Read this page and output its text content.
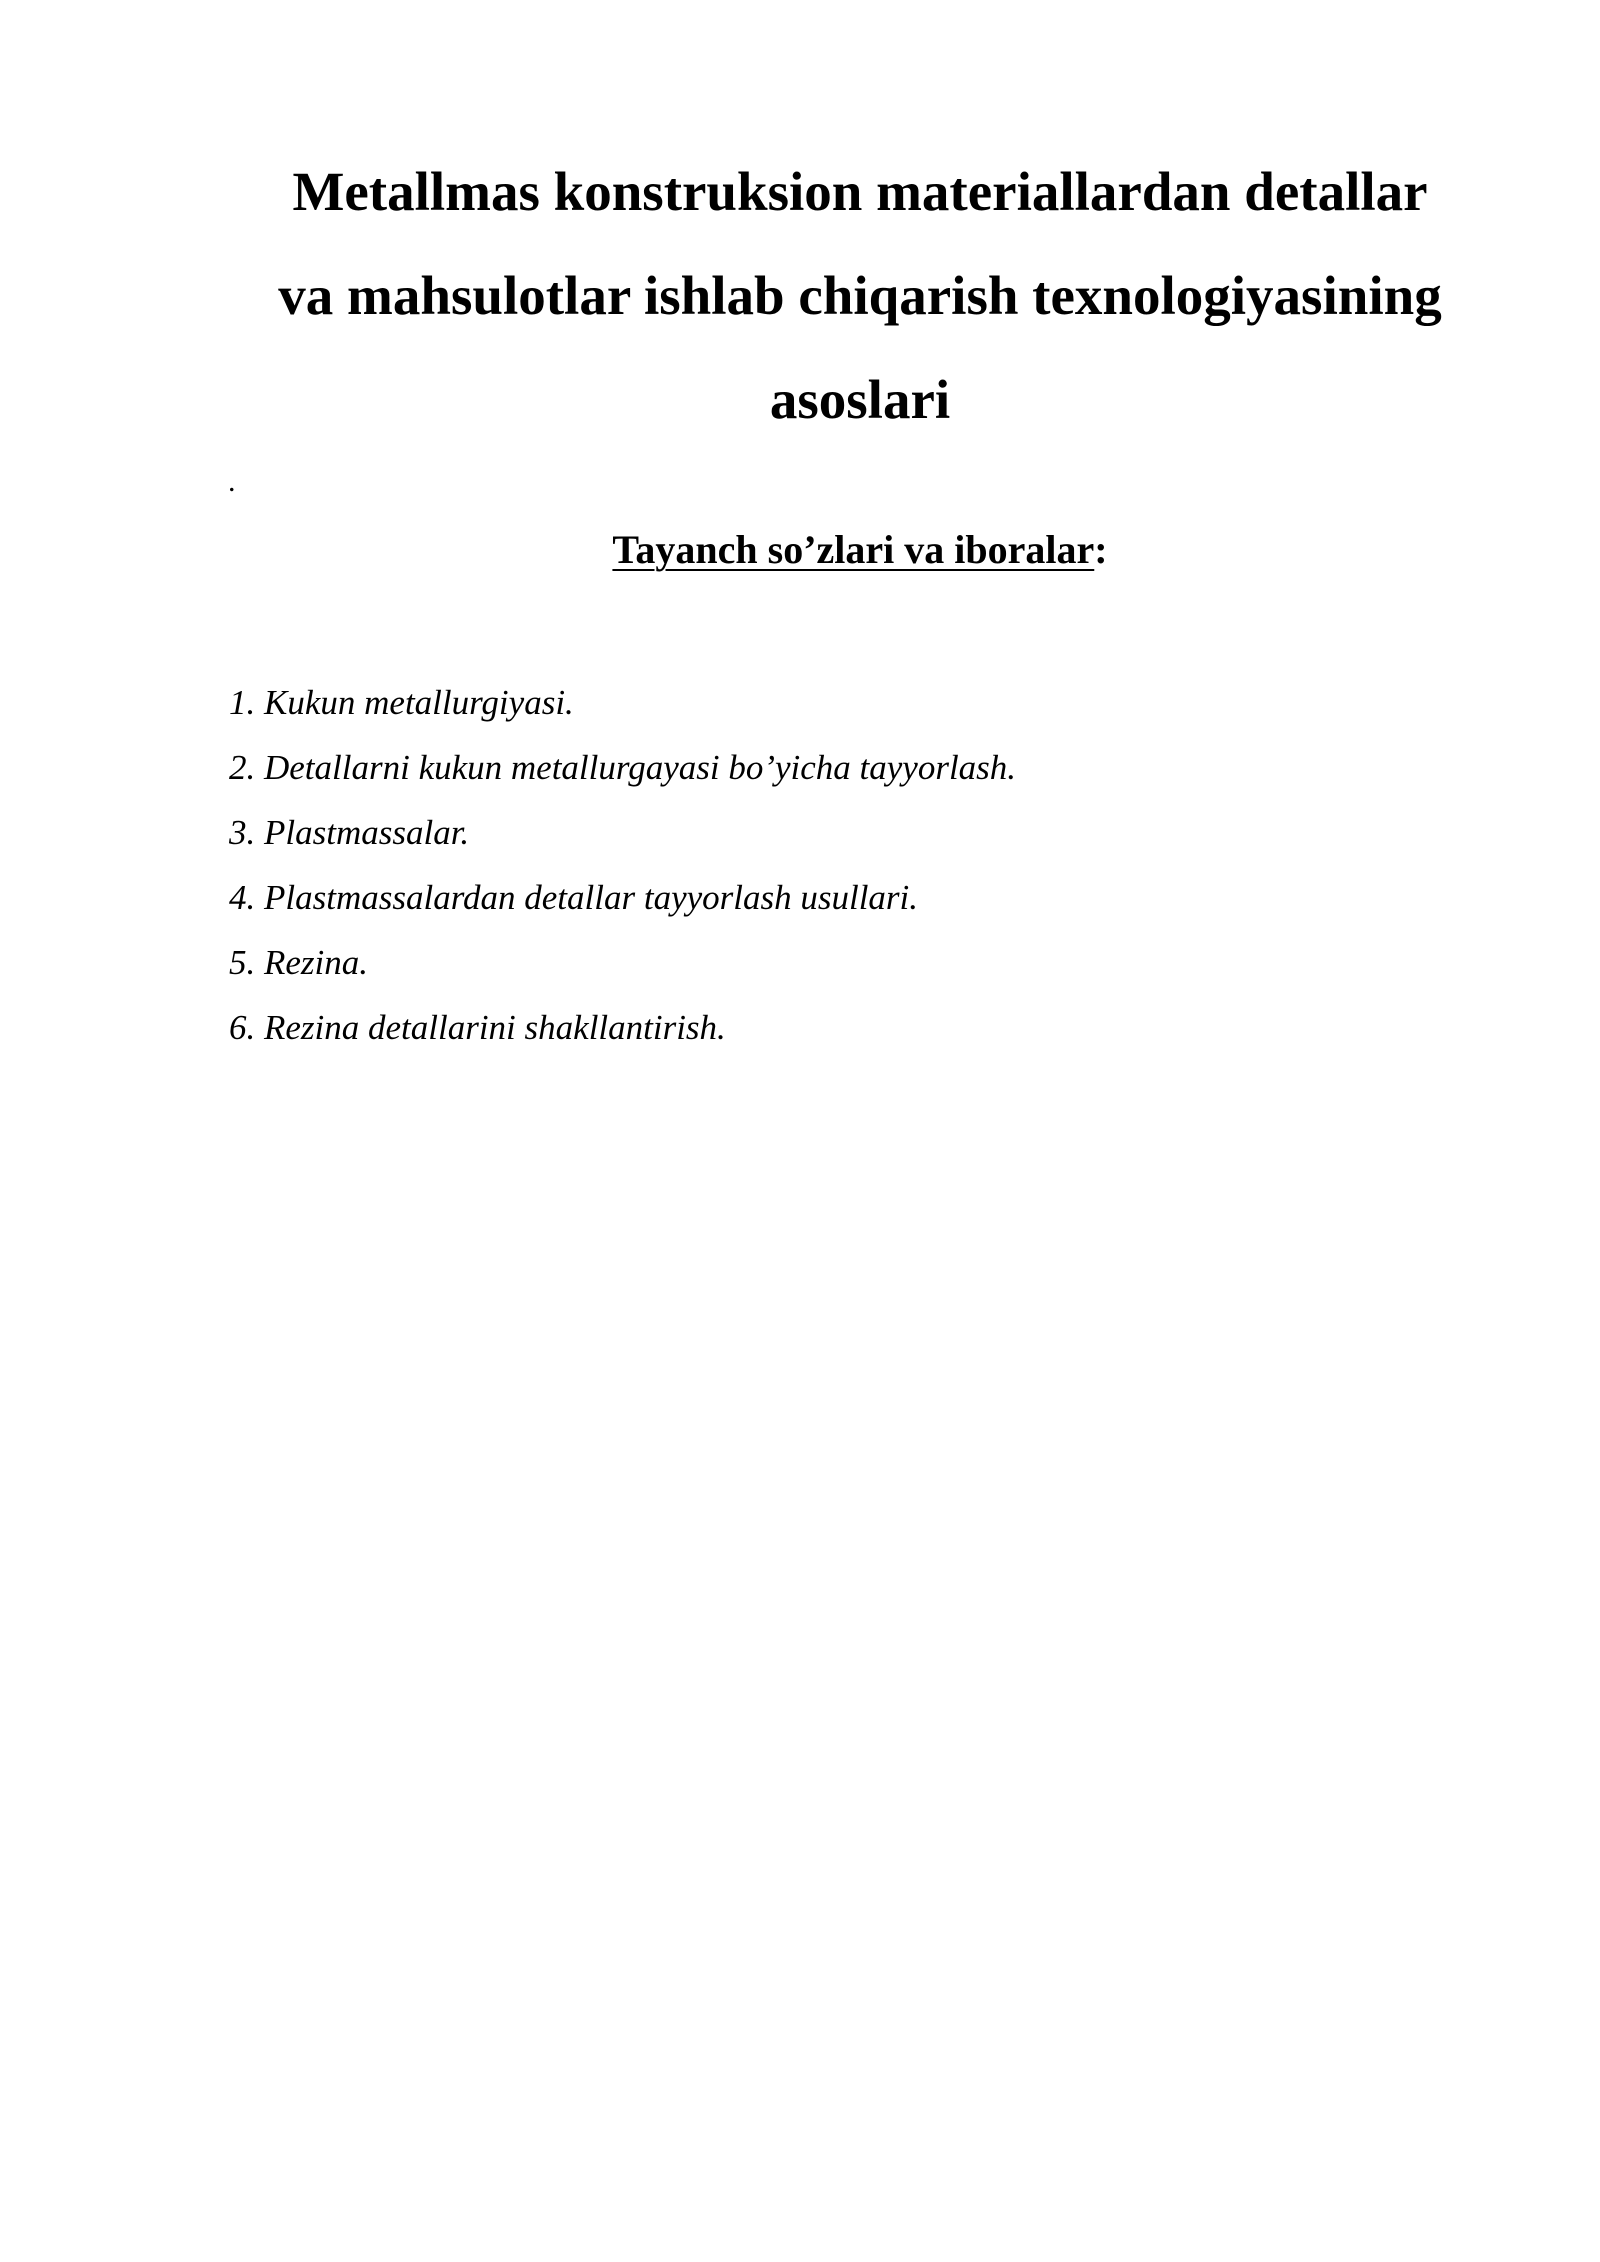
Metallmas konstruksion materiallardan detallar
va mahsulotlar ishlab chiqarish texnologiyasining
asoslari
.
Tayanch so’zlari va iboralar:
1. Kukun metallurgiyasi.
2. Detallarni kukun metallurgayasi bo’yicha tayyorlash.
3. Plastmassalar.
4. Plastmassalardan detallar tayyorlash usullari.
5. Rezina.
6. Rezina detallarini shakllantirish.
